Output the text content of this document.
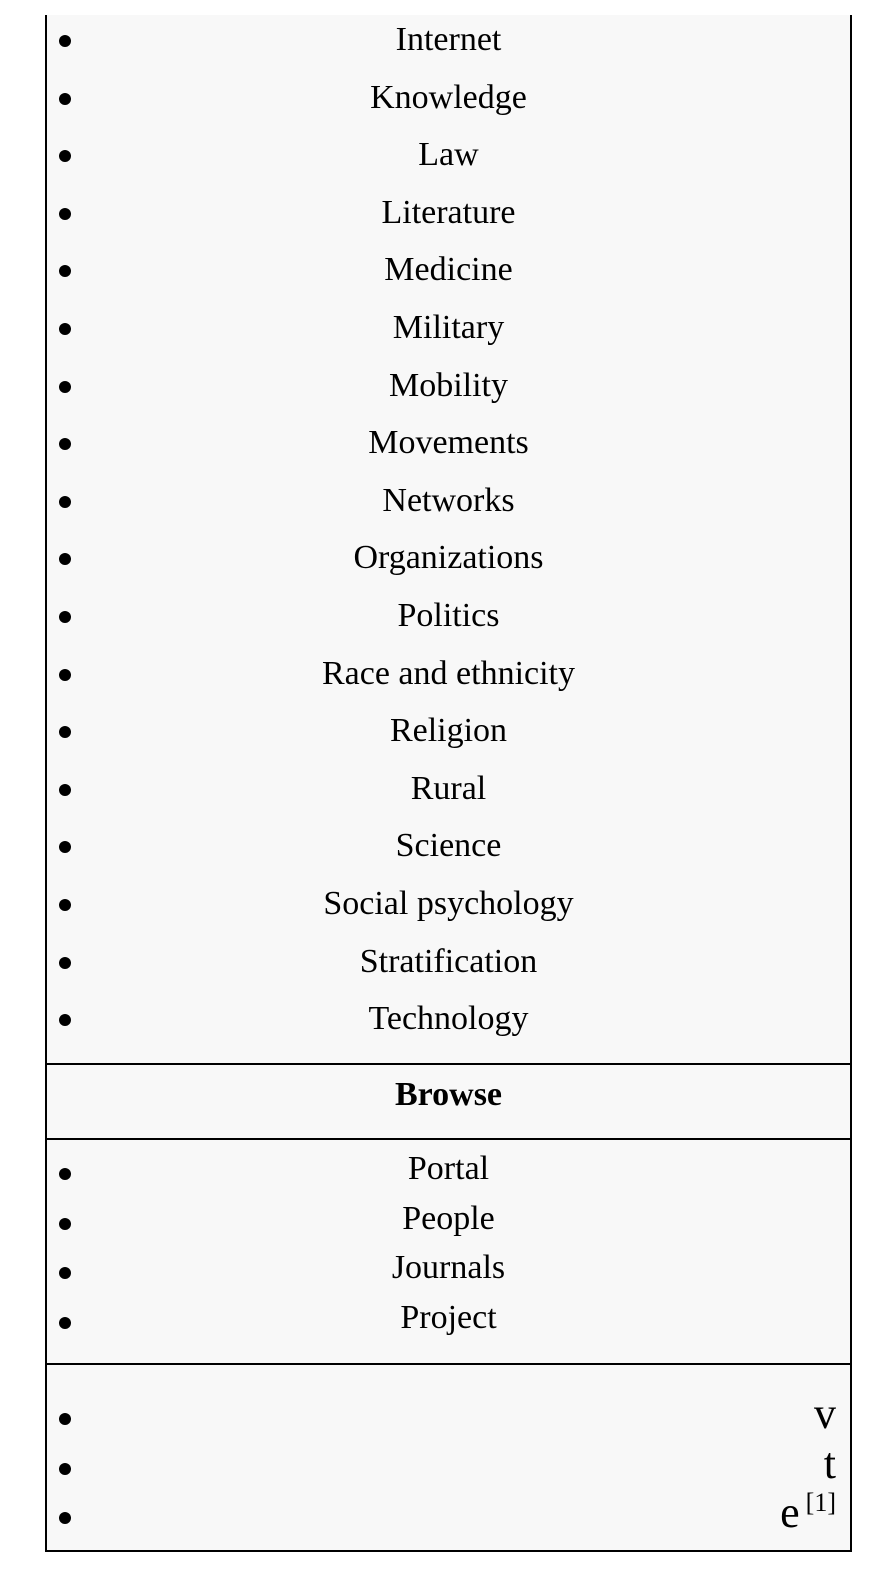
Internet
Knowledge
Law
Literature
Medicine
Military
Mobility
Movements
Networks
Organizations
Politics
Race and ethnicity
Religion
Rural
Science
Social psychology
Stratification
Technology
Browse
Portal
People
Journals
Project
v
t
e [1]
